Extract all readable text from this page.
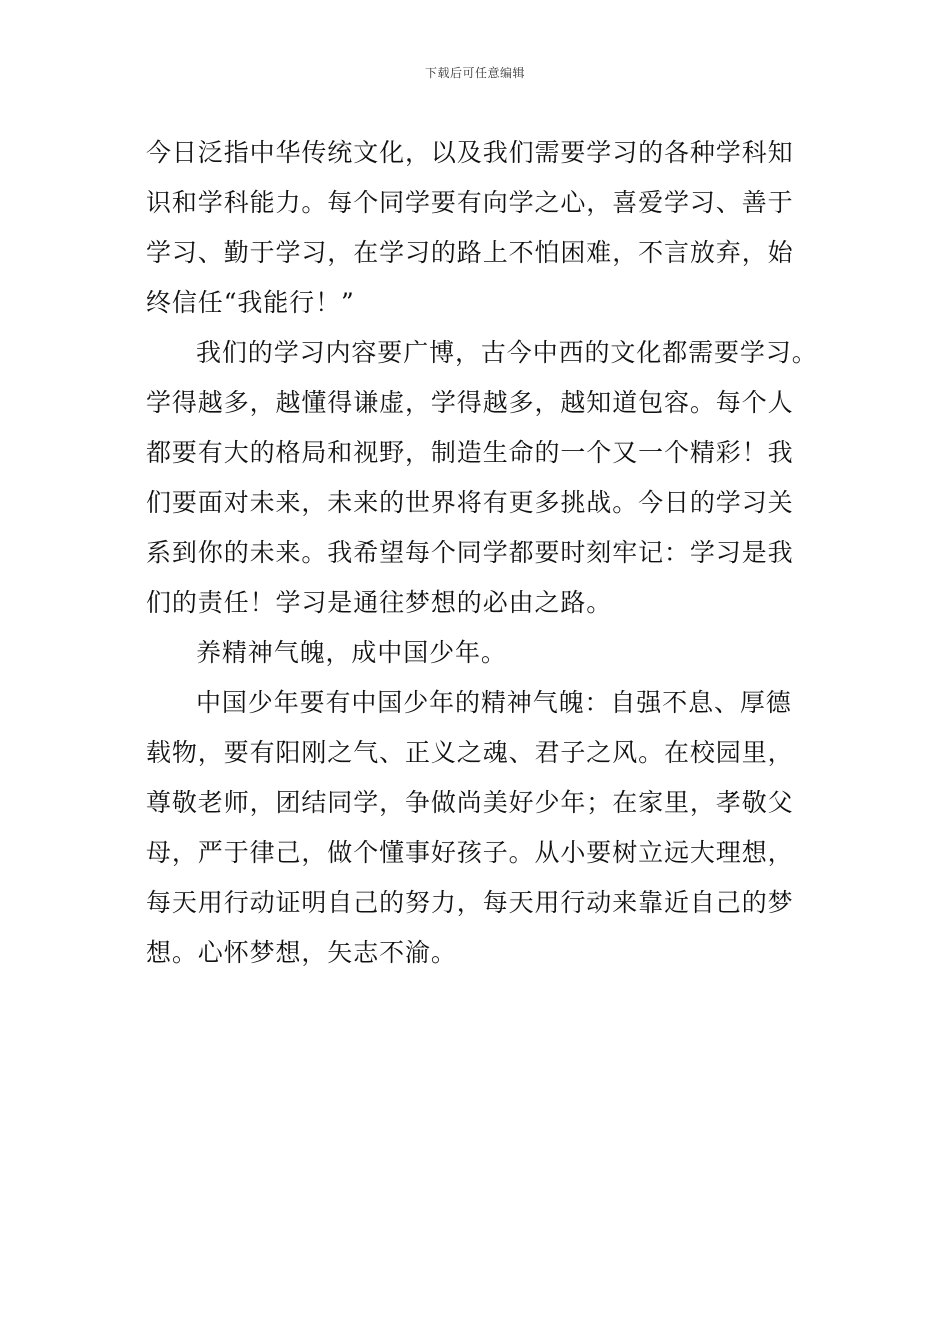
下载后可任意编辑
今日泛指中华传统文化，以及我们需要学习的各种学科知
识和学科能力。每个同学要有向学之心，喜爱学习、善于
学习、勤于学习，在学习的路上不怕困难，不言放弃，始
终信任“我能行！”
我们的学习内容要广博，古今中西的文化都需要学习。
学得越多，越懂得谦虚，学得越多，越知道包容。每个人
都要有大的格局和视野，制造生命的一个又一个精彩！我
们要面对未来，未来的世界将有更多挑战。今日的学习关
系到你的未来。我希望每个同学都要时刻牢记：学习是我
们的责任！学习是通往梦想的必由之路。
养精神气魄，成中国少年。
中国少年要有中国少年的精神气魄：自强不息、厚德
载物，要有阳刚之气、正义之魂、君子之风。在校园里，
尊敬老师，团结同学，争做尚美好少年；在家里，孝敬父
母，严于律己，做个懂事好孩子。从小要树立远大理想，
每天用行动证明自己的努力，每天用行动来靠近自己的梦
想。心怀梦想，矢志不渝。
